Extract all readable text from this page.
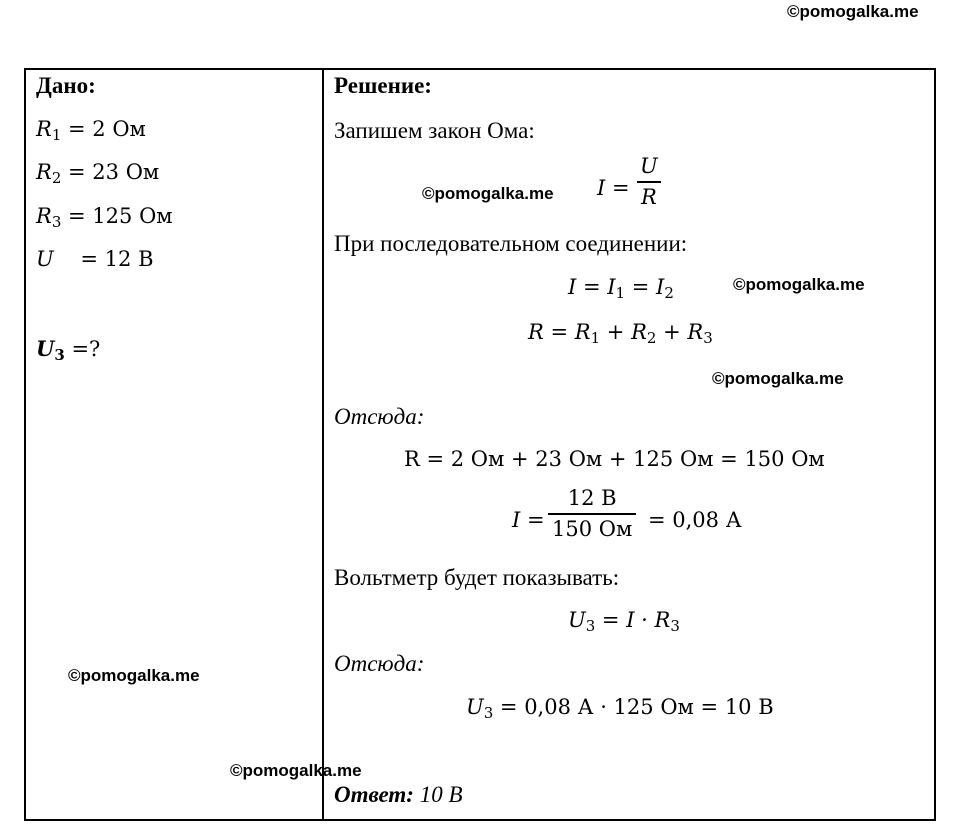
©pomogalka.me
©pomogalka.me
©pomogalka.me
©pomogalka.me
©pomogalka.me
Дано:
$R_1 = 2$ Ом
$R_2 = 23$ Ом
$R_3 = 125$ Ом
U    = 12 В
$U_3$ =?
Решение:
Запишем закон Ома:
$I = \frac{U}{R}$
При последовательном соединении:
$I = I_1 = I_2$
$R = R_1 + R_2 + R_3$
Отсюда:
R = 2 Ом + 23 Ом + 125 Ом = 150 Ом
I =
12 В
150 Ом = 0,08 А
Вольтметр будет показывать:
$U_3 = I \cdot R_3$
Отсюда:
$U_3 = 0,08$ А · 125 Ом = 10 В
©pomogalka.me
Ответ: 10 В
